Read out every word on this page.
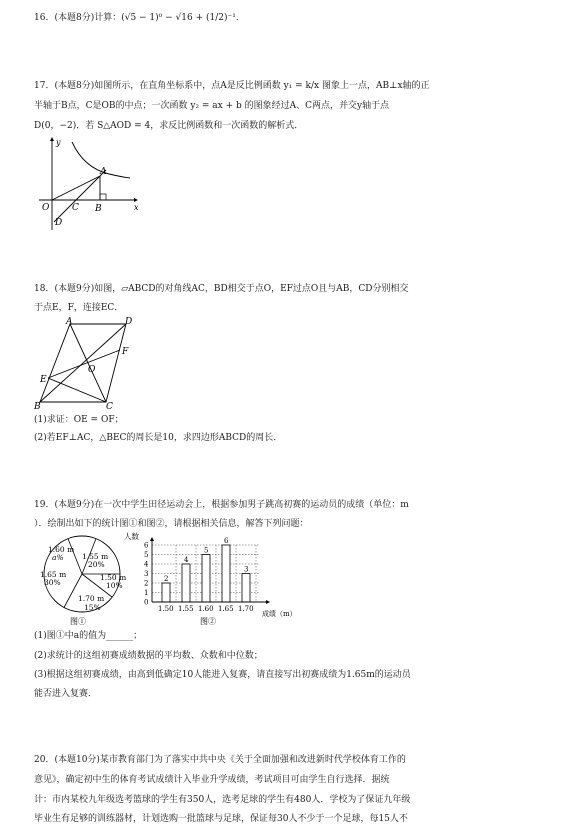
16．(本题8分)计算：(√5 − 1)⁰ − √16 + (1/2)⁻¹．
17．(本题8分)如图所示，在直角坐标系中，点A是反比例函数 y₁ = k/x 图象上一点，AB⊥x轴的正
半轴于B点，C是OB的中点；一次函数 y₂ = ax + b 的图象经过A、C两点，并交y轴于点
D(0，−2)．若 S△AOD = 4，求反比例函数和一次函数的解析式．
y
x
A
O	C B
D
18．(本题9分)如图，▱ABCD的对角线AC，BD相交于点O，EF过点O且与AB，CD分别相交
于点E，F，连接EC．
A	D
F
O
E
B	C
(1)求证：OE = OF；
(2)若EF⊥AC，△BEC的周长是10，求四边形ABCD的周长．
19．(本题9分)在一次中学生田径运动会上，根据参加男子跳高初赛的运动员的成绩（单位：m
）．绘制出如下的统计图①和图②，请根据相关信息，解答下列问题：
1.60 m
a% 1.55 m
20%
1.50 m
10%
1.70 m
15%
1.65 m
30%
图①
2
4
5
6
3
0
1
2
3
4
5
6
1.50 1.55 1.60 1.65 1.70
人数
成绩（m）
图②
(1)图①中a的值为______；
(2)求统计的这组初赛成绩数据的平均数、众数和中位数；
(3)根据这组初赛成绩，由高到低确定10人能进入复赛，请直接写出初赛成绩为1.65m的运动员
能否进入复赛．
20．(本题10分)某市教育部门为了落实中共中央《关于全面加强和改进新时代学校体育工作的
意见》，确定初中生的体育考试成绩计入毕业升学成绩，考试项目可由学生自行选择．据统
计：市内某校九年级选考篮球的学生有350人，选考足球的学生有480人．学校为了保证九年级
毕业生有足够的训练器材，计划选购一批篮球与足球，保证每30人不少于一个足球，每15人不
